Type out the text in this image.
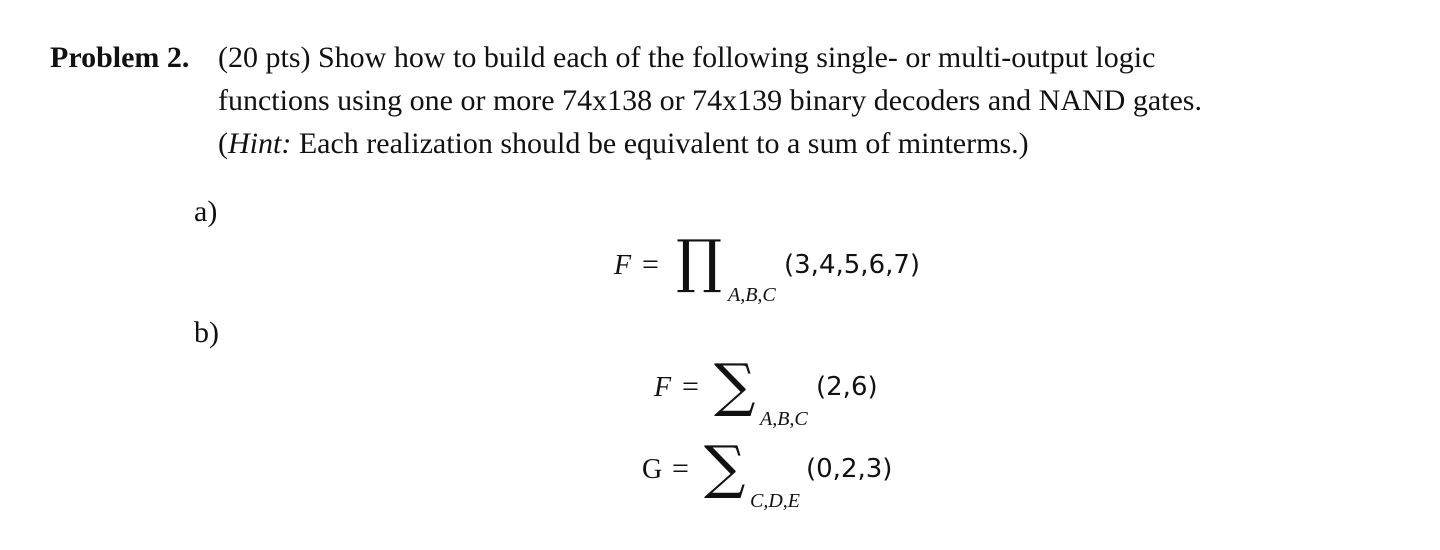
Problem 2. (20 pts) Show how to build each of the following single- or multi-output logic
functions using one or more 74x138 or 74x139 binary decoders and NAND gates.
(Hint: Each realization should be equivalent to a sum of minterms.)
a)
F = ∏ A,B,C
(3,4,5,6,7)
b)
F = ∑ A,B,C
(2,6)
G = ∑ C,D,E
(0,2,3)
